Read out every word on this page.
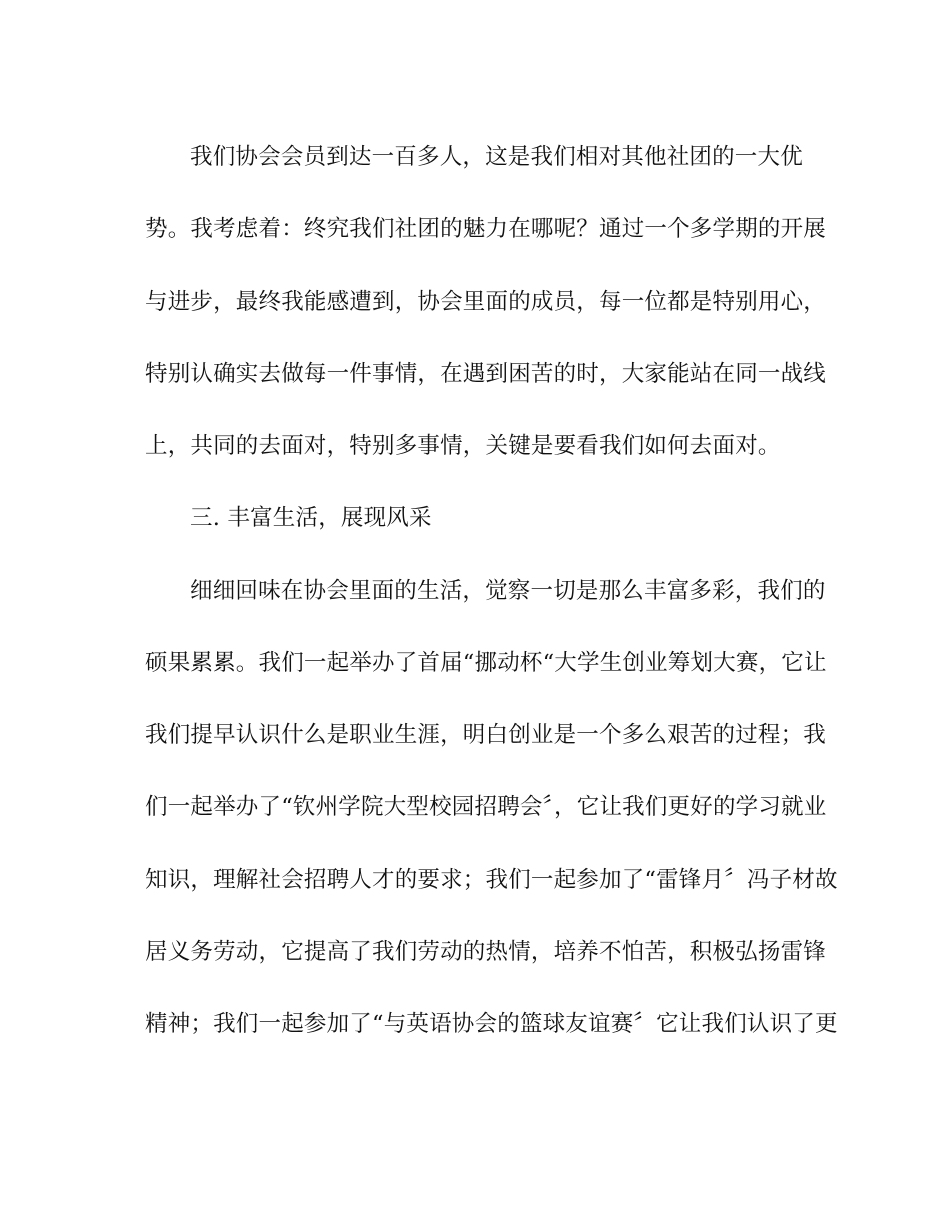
我们协会会员到达一百多人，这是我们相对其他社团的一大优
势。我考虑着：终究我们社团的魅力在哪呢？通过一个多学期的开展
与进步，最终我能感遭到，协会里面的成员，每一位都是特别用心，
特别认确实去做每一件事情，在遇到困苦的时，大家能站在同一战线
上，共同的去面对，特别多事情，关键是要看我们如何去面对。
三. 丰富生活，展现风采
细细回味在协会里面的生活，觉察一切是那么丰富多彩，我们的
硕果累累。我们一起举办了首届“挪动杯“大学生创业筹划大赛，它让
我们提早认识什么是职业生涯，明白创业是一个多么艰苦的过程；我
们一起举办了“钦州学院大型校园招聘会〞，它让我们更好的学习就业
知识，理解社会招聘人才的要求；我们一起参加了“雷锋月〞冯子材故
居义务劳动，它提高了我们劳动的热情，培养不怕苦，积极弘扬雷锋
精神；我们一起参加了“与英语协会的篮球友谊赛〞它让我们认识了更
